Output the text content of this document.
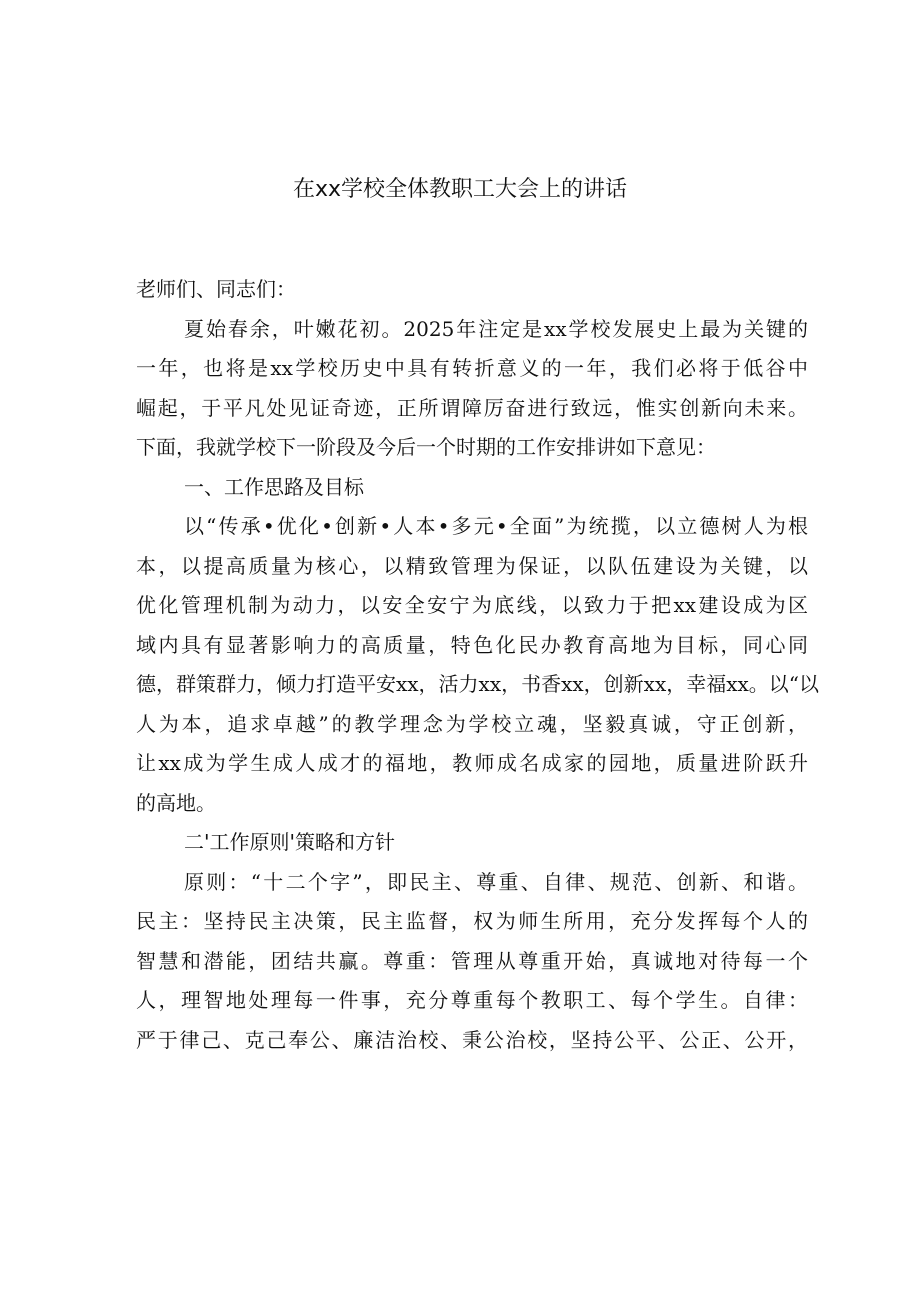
在xx学校全体教职工大会上的讲话
老师们、同志们：
夏始春余，叶嫩花初。2025年注定是xx学校发展史上最为关键的
一年，也将是xx学校历史中具有转折意义的一年，我们必将于低谷中
崛起，于平凡处见证奇迹，正所谓障厉奋进行致远，惟实创新向未来。
下面，我就学校下一阶段及今后一个时期的工作安排讲如下意见：
一、工作思路及目标
以“传承•优化•创新•人本•多元•全面”为统揽，以立德树人为根
本，以提高质量为核心，以精致管理为保证，以队伍建设为关键，以
优化管理机制为动力，以安全安宁为底线，以致力于把xx建设成为区
域内具有显著影响力的高质量，特色化民办教育高地为目标，同心同
德，群策群力，倾力打造平安xx，活力xx，书香xx，创新xx，幸福xx。以“以
人为本，追求卓越”的教学理念为学校立魂，坚毅真诚，守正创新，
让xx成为学生成人成才的福地，教师成名成家的园地，质量进阶跃升
的高地。
二'工作原则'策略和方针
原则：“十二个字”，即民主、尊重、自律、规范、创新、和谐。
民主：坚持民主决策，民主监督，权为师生所用，充分发挥每个人的
智慧和潜能，团结共赢。尊重：管理从尊重开始，真诚地对待每一个
人，理智地处理每一件事，充分尊重每个教职工、每个学生。自律：
严于律己、克己奉公、廉洁治校、秉公治校，坚持公平、公正、公开，
